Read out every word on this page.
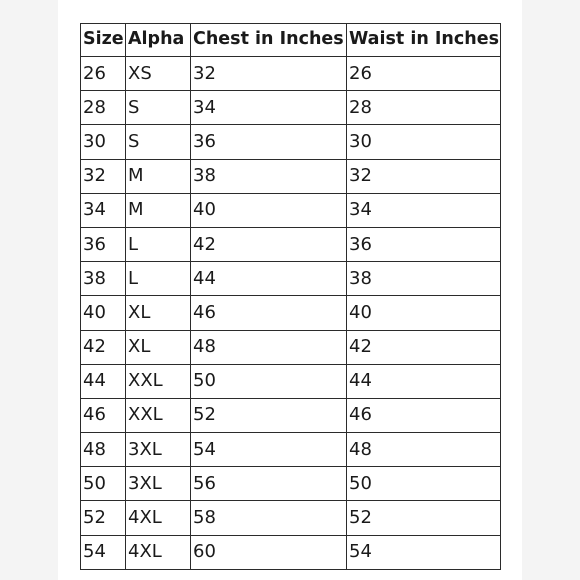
Size	Alpha	Chest in Inches	Waist in Inches
26	XS	32	26
28	S	34	28
30	S	36	30
32	M	38	32
34	M	40	34
36	L	42	36
38	L	44	38
40	XL	46	40
42	XL	48	42
44	XXL	50	44
46	XXL	52	46
48	3XL	54	48
50	3XL	56	50
52	4XL	58	52
54	4XL	60	54
